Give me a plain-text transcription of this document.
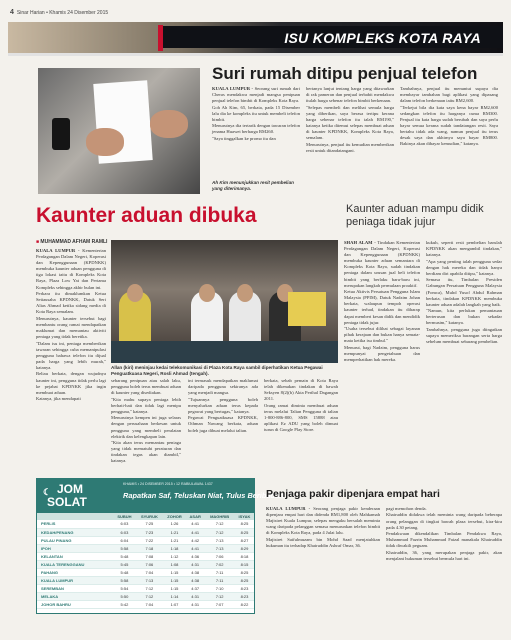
4 Sinar Harian • Khamis 24 Disember 2015
ISU KOMPLEKS KOTA RAYA
Suri rumah ditipu penjual telefon
Ah Kim menunjukkan resit pembelian yang diterimanya.

KUALA LUMPUR - Seorang suri rumah dari Cheras mendakwa menjadi mangsa penipuan penjual telefon bimbit di Kompleks Kota Raya.

Goh Ah Kim, 65, berkata, pada 15 Disember lalu dia ke kompleks itu untuk membeli telefon bimbit.

Menurutnya dia tertarik dengan tawaran telefon jenama Huawei berharga RM260.

"Saya tinggalkan ke promo itu dan

bertanya lanjut tentang harga yang ditawarkan di rak pameran dan penjual terbabit mendakwa itulah harga sebenar telefon bimbit berkenaan.

"Selepas membeli dan melihat semula harga yang diberikan, saya berasa tertipu kerana harga sebenar telefon itu ialah RM190," katanya ketika ditemui selepas membuat aduan di kaunter KPDNKK, Kompleks Kota Raya, semalam.

Menurutnya, penjual itu kemudian memberikan resit untuk ditandatangani.

Tambahnya, penjual itu menuntut supaya dia membayar tambahan bagi aplikasi yang dipasang dalam telefon berkenaan iaitu RM2,600.

"Terkejut bila dia kata saya kena bayar RM2,600 sedangkan telefon itu harganya cuma RM300. Penjual itu kata harga sudah berubah dan saya perlu bayar semua kerana sudah tandatangan resit. Saya bertahu tidak ada wang, namun penjual itu terus desak saya dan akhirnya saya bayar RM800. Bakinya akan dibayar kemudian," katanya.

Kaunter aduan dibuka	Kaunter aduan mampu didik peniaga tidak jujur
■ MUHAMMAD AFHAM RAMLI
Allan (kiri) meninjau kedai telekomunikasi di Plaza Kota Raya sambil diperhatikan Ketua Pegawai Penguatkuasa Negeri, Rosli Ahmad (tengah).

KUALA LUMPUR - Kementerian Perdagangan Dalam Negeri, Koperasi dan Kepenggunaan (KPDNKK) membuka kaunter aduan pengguna di tiga lokasi iaitu di Kompleks Kota Raya, Plaza Low Yat dan Pertama Kompleks sehingga akhir bulan ini.

Perkara itu dimaklumkan Ketua Setiausaha KPDNKK, Datuk Seri Alias Ahmad ketika sidang media di Kota Raya semalam.

Menurutnya, kaunter tersebut bagi membantu orang ramai mendapatkan maklumat dan memantau aktiviti peniaga yang tidak beretika.

"Dalam isu ini, peniaga memberikan tawaran sehingga cuba memanipulasi pengguna bahawa telefon itu dijual pada harga yang lebih murah," katanya.

Beliau berkata, dengan wujudnya kaunter ini, pengguna tidak perlu lagi ke pejabat KPDNKK jika ingin membuat aduan.

Katanya, jika mendapati

sebarang penipuan atau salah laku, pengguna boleh terus membuat aduan di kaunter yang disediakan.

"Kita mahu supaya peniaga lebih berhati-hati dan tidak lagi menipu pengguna," katanya.

Menurutnya kempen ini juga selaras dengan perusahaan berkesan untuk pengguna yang membeli peralatan elektrik dan kelengkapan lain.

"Kita akan terus memantau peniaga yang tidak mematuhi peraturan dan tindakan tegas akan diambil," katanya.

ini termasuk mendapatkan maklumat daripada pengguna sekiranya ada yang menjadi mangsa.

"Tujuannya pengguna boleh menyalurkan aduan terus kepada pegawai yang bertugas," katanya.

Pegawai Penguatkuasa KPDNKK, Othman Nawang berkata, aduan boleh juga dibuat melalui talian.

berkata, sebab pemain di Kota Raya telah dikenakan tindakan di bawah Seksyen 8(2)(b) Akta Perihal Dagangan 2011.

Orang ramai diminta membuat aduan terus melalui Talian Pengguna di talian 1-800-886-800, SMS 15888 atau aplikasi Ez ADU yang boleh dimuat turun di Google Play Store.

SHAH ALAM - Tindakan Kementerian Perdagangan Dalam Negeri, Koperasi dan Kepenggunaan (KPDNKK) membuka kaunter aduan semantara di Kompleks Kota Raya, sudah tindakan peniaga dalam urusan jual beli telefon bimbit yang berlaku baru-baru ini, merupakan langkah permulaan proaktif.

Ketua Aktivis Persatuan Pengguna Islam Malaysia (PPIM), Datuk Nadzim Johan berkata, walaupun tempoh operasi kaunter terhad, tindakan itu diharap dapat memberi kesan didik dan mendidik peniaga tidak jujur.

"Usaha tersebut dilihat sebagai layanan pihak kerajaan dan bukan hanya semata-mata ketika isu timbul."

Menurut, bagi Nadzim, pengguna harus mempunyai pengetahuan dan memperhatikan hak mereka.

kukuh, seperti resit pembelian barulah KPDNKK akan mengambil tindakan," katanya.

"Apa yang penting ialah pengguna sedar dengan hak mereka dan tidak hanya berdiam diri apabila ditipu," katanya.

Semasa itu, Timbalan Presiden Gabungan Persatuan Pengguna Malaysia (Fomca), Muhd Yusof Abdul Rahman berkata, tindakan KPDNKK membuka kaunter aduan adalah langkah yang baik.

"Namun, kita perlukan pemantauan berterusan dan bukan sekadar bermusim," katanya.

Tambahnya, pengguna juga diingatkan supaya memeriksa barangan serta harga sebelum membuat sebarang pembelian.

☾ JOM
SOLAT
KHAMIS • 24 DISEMBER 2015 • 12 RABIULAWAL 1437
Rapatkan Saf, Teluskan Niat, Tulus Beribadah
	SUBUH	SYURUK	ZOHOR	ASAR	MAGHRIB	ISYAK
PERLIS	6:03	7:25	1:26	4:41	7:12	8:25
KEDAH/PENANG	6:03	7:23	1:21	4:41	7:12	8:25
PULAU PINANG	6:04	7:22	1:21	4:42	7:13	8:27
IPOH	5:58	7:18	1:18	4:41	7:13	8:29
KELANTAN	5:48	7:08	1:12	4:36	7:06	8:18
KUALA TERENGGANU	5:45	7:06	1:08	4:31	7:02	8:15
PAHANG	5:48	7:04	1:15	4:38	7:11	8:25
KUALA LUMPUR	5:58	7:13	1:15	4:38	7:11	8:25
SEREMBAN	5:54	7:12	1:15	4:37	7:10	8:23
MELAKA	5:50	7:12	1:14	4:31	7:12	8:23
JOHOR BAHRU	5:42	7:04	1:07	4:31	7:07	8:22
Penjaga pakir dipenjara empat hari

KUALA LUMPUR - Seorang penjaga pakir kenderaan dipenjara empat hari dan didenda RM1,800 oleh Mahkamah Majistret Kuala Lumpur, selepas mengaku bersalah meminta wang daripada pelanggan semasa menurunkan telefon bimbit di Kompleks Kota Raya, pada 4 Julai lalu.

Majistret Saifulmuzam bin Mohd Saad menjatuhkan hukuman itu terhadap Khairuddin Ashraf Omar, 36.

pagi memohon denda.

Khairuddin didakwa telah meminta wang daripada beberapa orang pelanggan di tingkat bawah plaza tersebut, kira-kira pada 4.30 petang.

Pendakwaan dikendalikan Timbalan Pendakwa Raya, Muhammad Fazrin Muhammad Faizal manakala Khairuddin tidak diwakili peguam.

Khairuddin, 36, yang merupakan penjaga pakir, akan menjalani hukuman tersebut bermula hari ini.
